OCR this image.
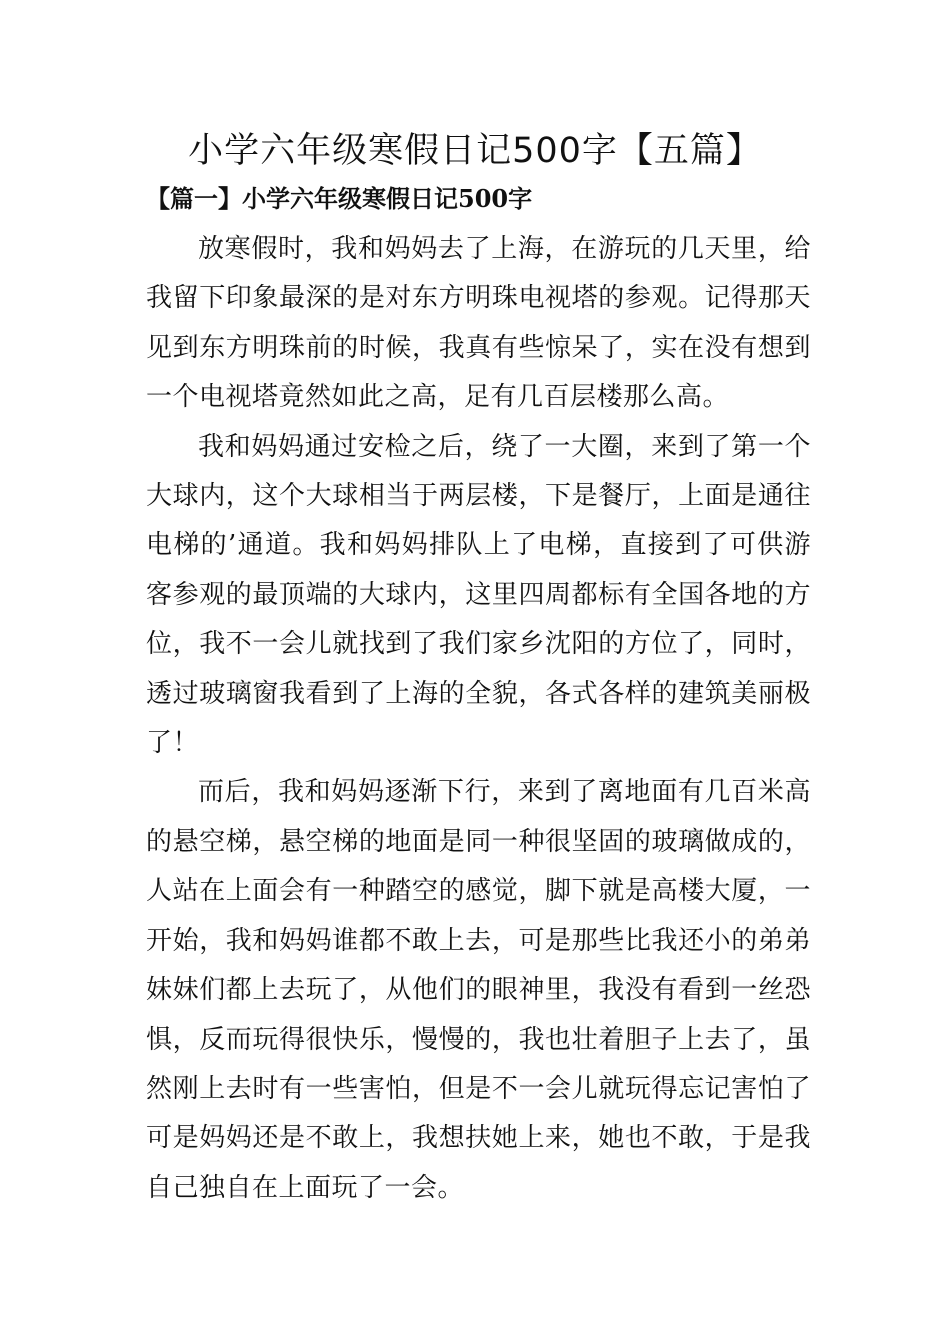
小学六年级寒假日记500字【五篇】
【篇一】小学六年级寒假日记500字

放寒假时，我和妈妈去了上海，在游玩的几天里，给我留下印象最深的是对东方明珠电视塔的参观。记得那天见到东方明珠前的时候，我真有些惊呆了，实在没有想到一个电视塔竟然如此之高，足有几百层楼那么高。

我和妈妈通过安检之后，绕了一大圈，来到了第一个大球内，这个大球相当于两层楼，下是餐厅，上面是通往电梯的’通道。我和妈妈排队上了电梯，直接到了可供游客参观的最顶端的大球内，这里四周都标有全国各地的方位，我不一会儿就找到了我们家乡沈阳的方位了，同时，透过玻璃窗我看到了上海的全貌，各式各样的建筑美丽极了！

而后，我和妈妈逐渐下行，来到了离地面有几百米高的悬空梯，悬空梯的地面是同一种很坚固的玻璃做成的，人站在上面会有一种踏空的感觉，脚下就是高楼大厦，一开始，我和妈妈谁都不敢上去，可是那些比我还小的弟弟妹妹们都上去玩了，从他们的眼神里，我没有看到一丝恐惧，反而玩得很快乐，慢慢的，我也壮着胆子上去了，虽然刚上去时有一些害怕，但是不一会儿就玩得忘记害怕了可是妈妈还是不敢上，我想扶她上来，她也不敢，于是我自己独自在上面玩了一会。
